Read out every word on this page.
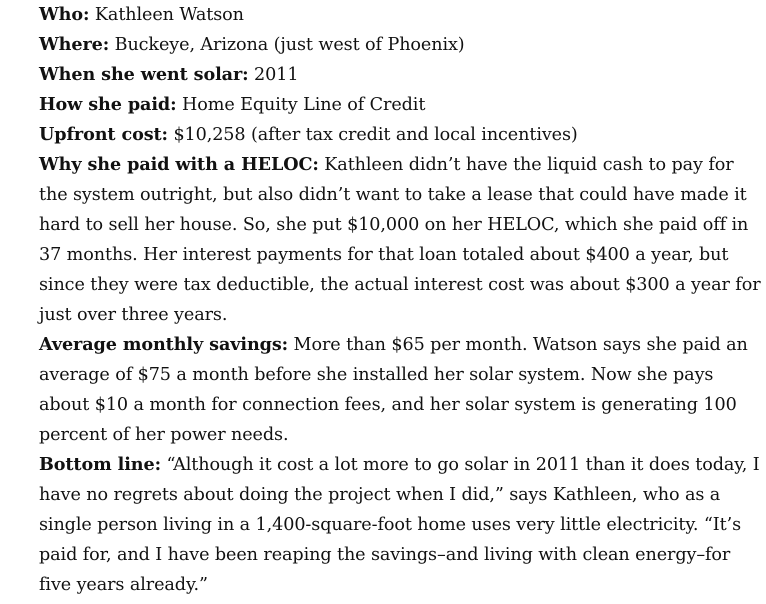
Who: Kathleen Watson

Where: Buckeye, Arizona (just west of Phoenix)

When she went solar: 2011

How she paid: Home Equity Line of Credit

Upfront cost: $10,258 (after tax credit and local incentives)

Why she paid with a HELOC: Kathleen didn’t have the liquid cash to pay for the system outright, but also didn’t want to take a lease that could have made it hard to sell her house. So, she put $10,000 on her HELOC, which she paid off in 37 months. Her interest payments for that loan totaled about $400 a year, but since they were tax deductible, the actual interest cost was about $300 a year for just over three years.

Average monthly savings: More than $65 per month. Watson says she paid an average of $75 a month before she installed her solar system. Now she pays about $10 a month for connection fees, and her solar system is generating 100 percent of her power needs.

Bottom line: “Although it cost a lot more to go solar in 2011 than it does today, I have no regrets about doing the project when I did,” says Kathleen, who as a single person living in a 1,400-square-foot home uses very little electricity. “It’s paid for, and I have been reaping the savings–and living with clean energy–for five years already.”
